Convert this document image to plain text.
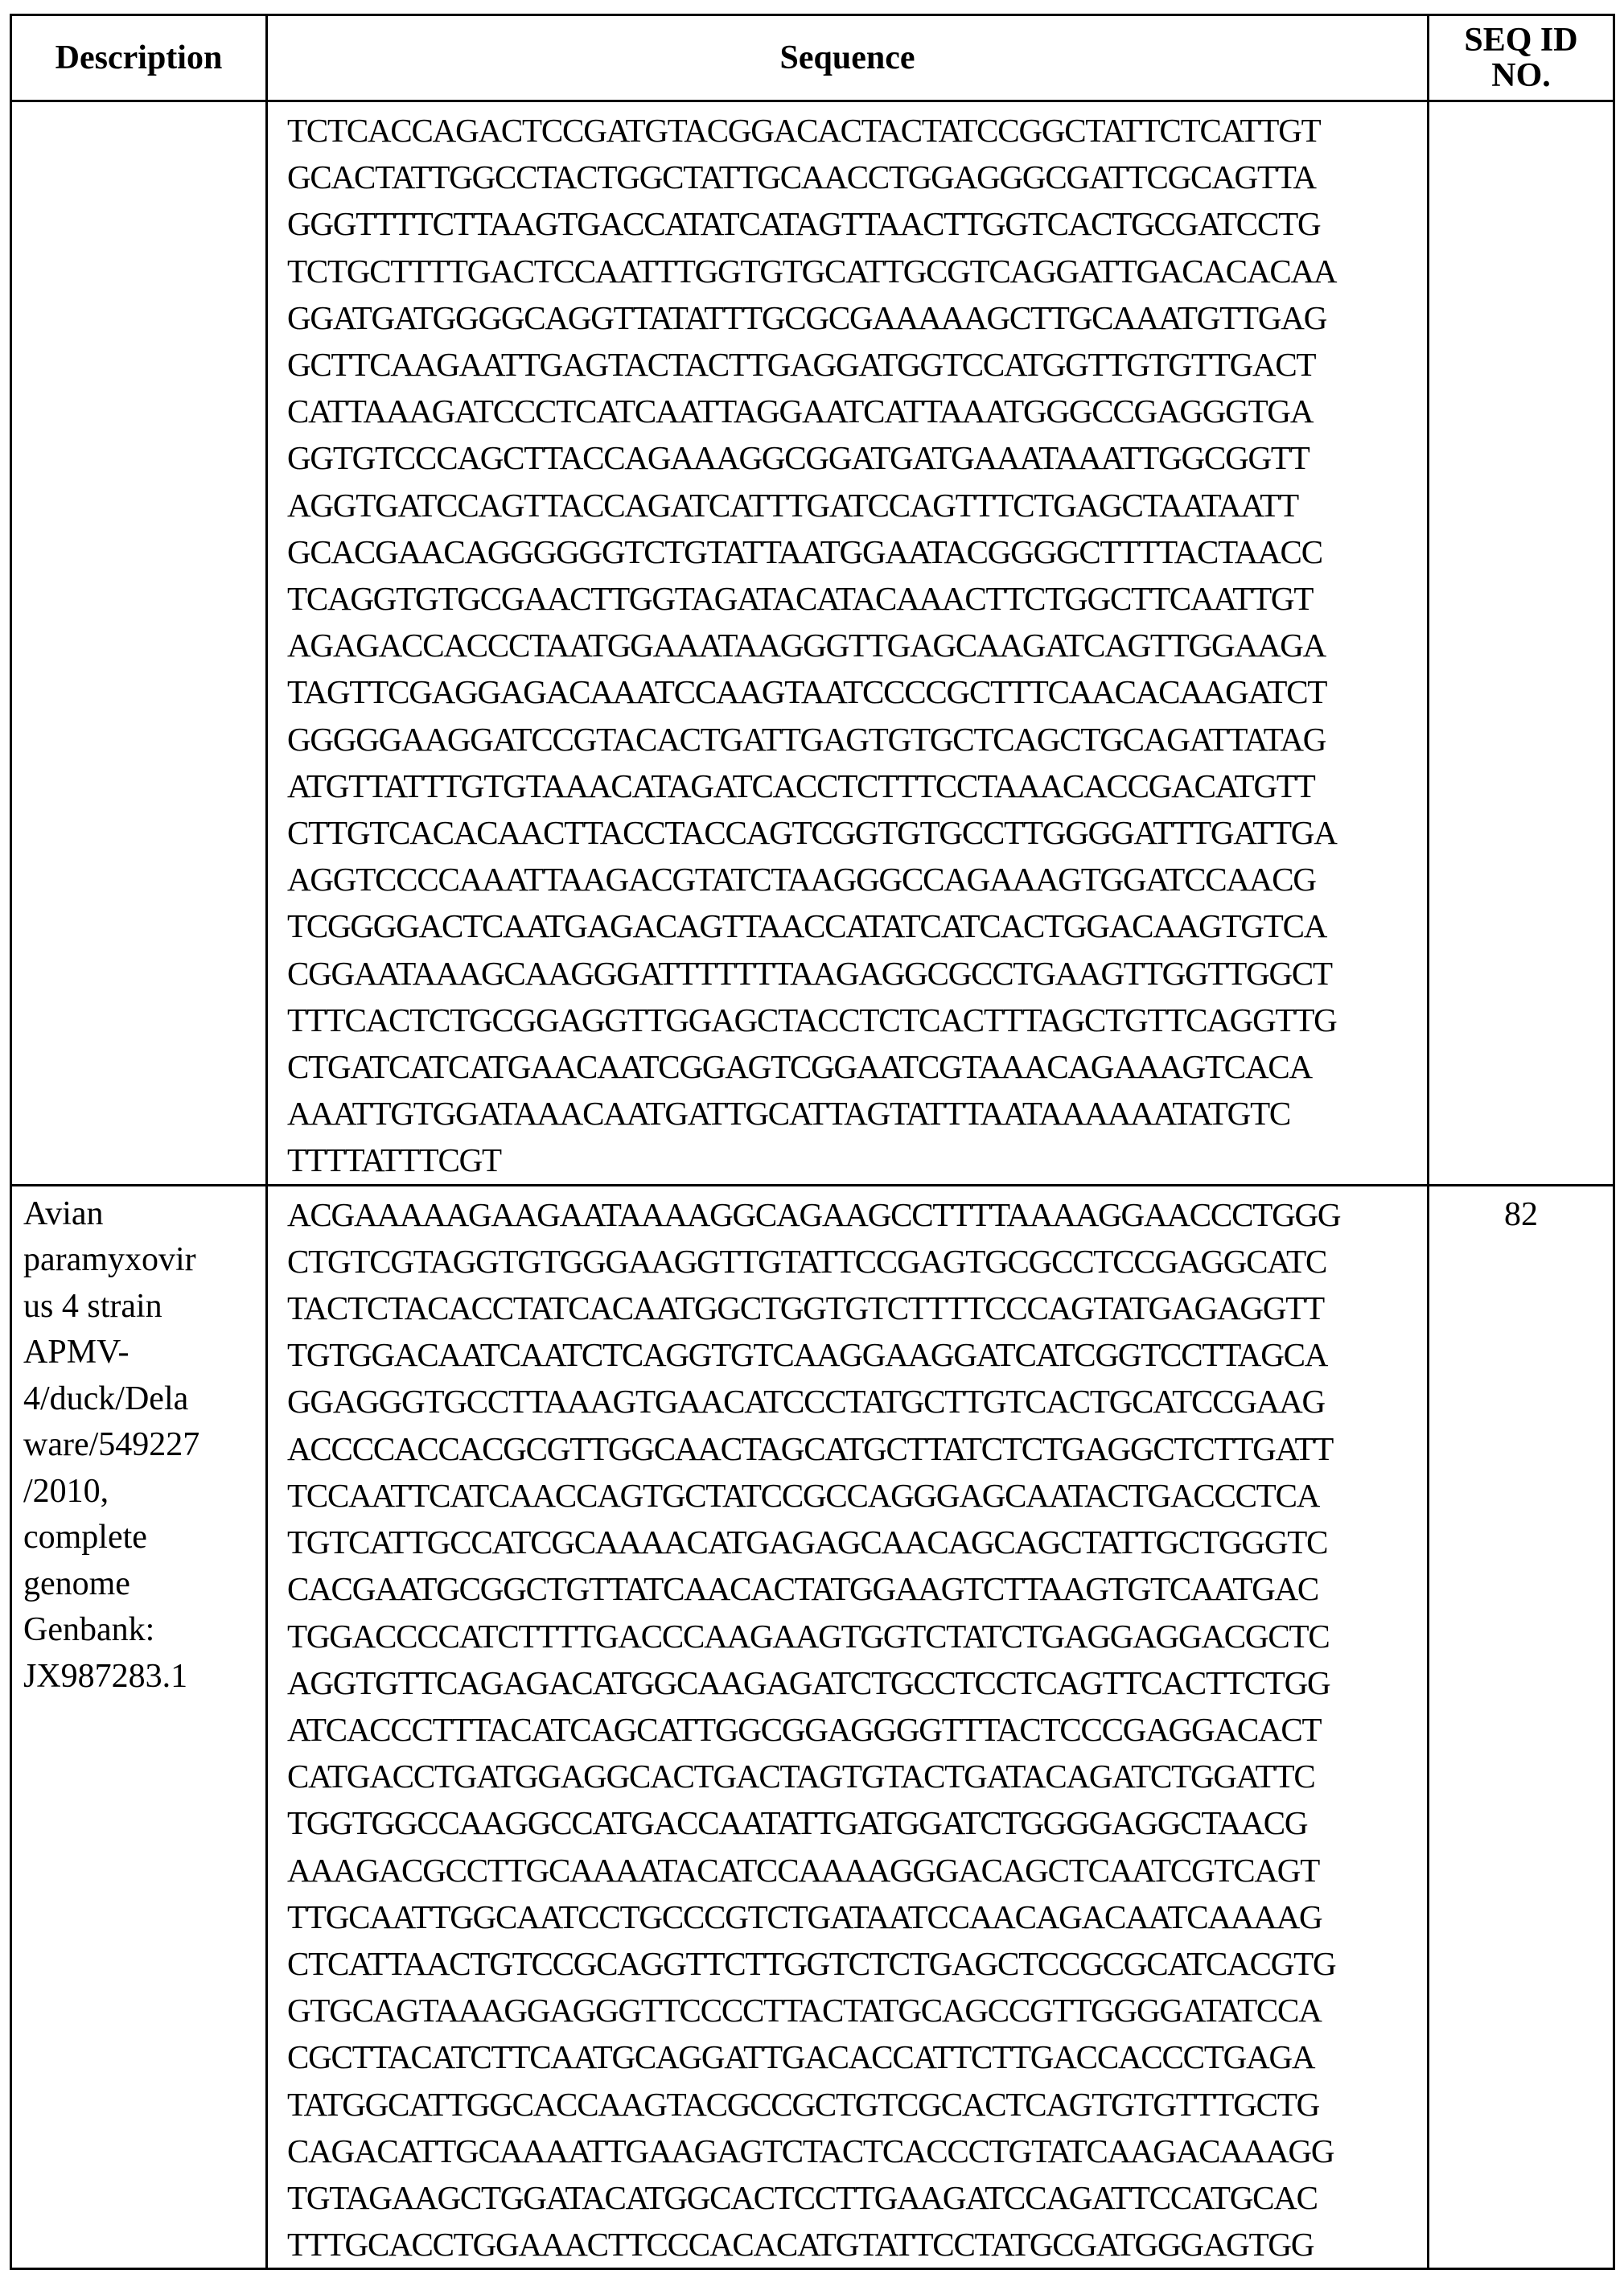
Description	Sequence	SEQ ID
NO.

TCTCACCAGACTCCGATGTACGGACACTACTATCCGGCTATTCTCATTGT
GCACTATTGGCCTACTGGCTATTGCAACCTGGAGGGCGATTCGCAGTTA
GGGTTTTCTTAAGTGACCATATCATAGTTAACTTGGTCACTGCGATCCTG
TCTGCTTTTGACTCCAATTTGGTGTGCATTGCGTCAGGATTGACACACAA
GGATGATGGGGCAGGTTATATTTGCGCGAAAAAGCTTGCAAATGTTGAG
GCTTCAAGAATTGAGTACTACTTGAGGATGGTCCATGGTTGTGTTGACT
CATTAAAGATCCCTCATCAATTAGGAATCATTAAATGGGCCGAGGGTGA
GGTGTCCCAGCTTACCAGAAAGGCGGATGATGAAATAAATTGGCGGTT
AGGTGATCCAGTTACCAGATCATTTGATCCAGTTTCTGAGCTAATAATT
GCACGAACAGGGGGGTCTGTATTAATGGAATACGGGGCTTTTACTAACC
TCAGGTGTGCGAACTTGGTAGATACATACAAACTTCTGGCTTCAATTGT
AGAGACCACCCTAATGGAAATAAGGGTTGAGCAAGATCAGTTGGAAGA
TAGTTCGAGGAGACAAATCCAAGTAATCCCCGCTTTCAACACAAGATCT
GGGGGAAGGATCCGTACACTGATTGAGTGTGCTCAGCTGCAGATTATAG
ATGTTATTTGTGTAAACATAGATCACCTCTTTCCTAAACACCGACATGTT
CTTGTCACACAACTTACCTACCAGTCGGTGTGCCTTGGGGATTTGATTGA
AGGTCCCCAAATTAAGACGTATCTAAGGGCCAGAAAGTGGATCCAACG
TCGGGGACTCAATGAGACAGTTAACCATATCATCACTGGACAAGTGTCA
CGGAATAAAGCAAGGGATTTTTTTAAGAGGCGCCTGAAGTTGGTTGGCT
TTTCACTCTGCGGAGGTTGGAGCTACCTCTCACTTTAGCTGTTCAGGTTG
CTGATCATCATGAACAATCGGAGTCGGAATCGTAAACAGAAAGTCACA
AAATTGTGGATAAACAATGATTGCATTAGTATTTAATAAAAAATATGTC
TTTTATTTCGT

Avian
paramyxovir
us 4 strain
APMV-
4/duck/Dela
ware/549227
/2010,
complete
genome
Genbank:
JX987283.1

ACGAAAAAGAAGAATAAAAGGCAGAAGCCTTTTAAAAGGAACCCTGGG
CTGTCGTAGGTGTGGGAAGGTTGTATTCCGAGTGCGCCTCCGAGGCATC
TACTCTACACCTATCACAATGGCTGGTGTCTTTTCCCAGTATGAGAGGTT
TGTGGACAATCAATCTCAGGTGTCAAGGAAGGATCATCGGTCCTTAGCA
GGAGGGTGCCTTAAAGTGAACATCCCTATGCTTGTCACTGCATCCGAAG
ACCCCACCACGCGTTGGCAACTAGCATGCTTATCTCTGAGGCTCTTGATT
TCCAATTCATCAACCAGTGCTATCCGCCAGGGAGCAATACTGACCCTCA
TGTCATTGCCATCGCAAAACATGAGAGCAACAGCAGCTATTGCTGGGTC
CACGAATGCGGCTGTTATCAACACTATGGAAGTCTTAAGTGTCAATGAC
TGGACCCCATCTTTTGACCCAAGAAGTGGTCTATCTGAGGAGGACGCTC
AGGTGTTCAGAGACATGGCAAGAGATCTGCCTCCTCAGTTCACTTCTGG
ATCACCCTTTACATCAGCATTGGCGGAGGGGTTTACTCCCGAGGACACT
CATGACCTGATGGAGGCACTGACTAGTGTACTGATACAGATCTGGATTC
TGGTGGCCAAGGCCATGACCAATATTGATGGATCTGGGGAGGCTAACG
AAAGACGCCTTGCAAAATACATCCAAAAGGGACAGCTCAATCGTCAGT
TTGCAATTGGCAATCCTGCCCGTCTGATAATCCAACAGACAATCAAAAG
CTCATTAACTGTCCGCAGGTTCTTGGTCTCTGAGCTCCGCGCATCACGTG
GTGCAGTAAAGGAGGGTTCCCCTTACTATGCAGCCGTTGGGGATATCCA
CGCTTACATCTTCAATGCAGGATTGACACCATTCTTGACCACCCTGAGA
TATGGCATTGGCACCAAGTACGCCGCTGTCGCACTCAGTGTGTTTGCTG
CAGACATTGCAAAATTGAAGAGTCTACTCACCCTGTATCAAGACAAAGG
TGTAGAAGCTGGATACATGGCACTCCTTGAAGATCCAGATTCCATGCAC
TTTGCACCTGGAAACTTCCCACACATGTATTCCTATGCGATGGGAGTGG
	82
